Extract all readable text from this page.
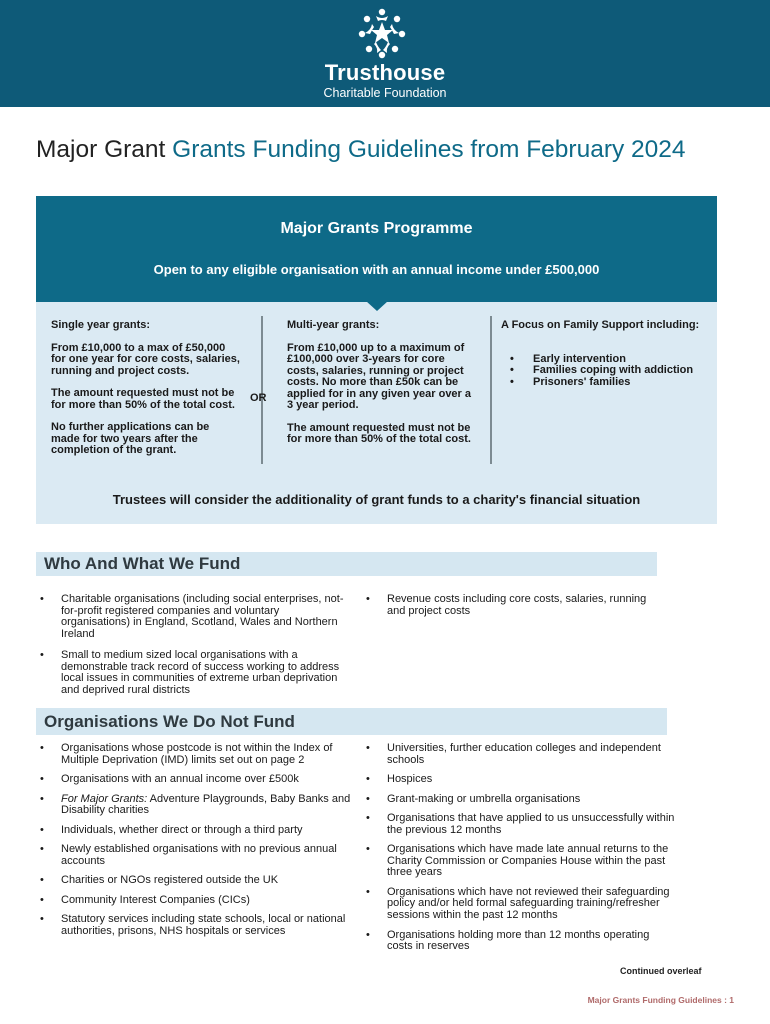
Trusthouse
Charitable Foundation
Major Grant Grants Funding Guidelines from February 2024
Major Grants Programme
Open to any eligible organisation with an annual income under £500,000

Single year grants:

From £10,000 to a max of £50,000 for one year for core costs, salaries, running and project costs.

The amount requested must not be for more than 50% of the total cost.

No further applications can be made for two years after the completion of the grant.

OR

Multi-year grants:

From £10,000 up to a maximum of £100,000 over 3-years for core costs, salaries, running or project costs. No more than £50k can be applied for in any given year over a 3 year period.

The amount requested must not be for more than 50% of the total cost.

A Focus on Family Support including:

• Early intervention
• Families coping with addiction
• Prisoners' families
Trustees will consider the additionality of grant funds to a charity's financial situation
Who And What We Fund
• Charitable organisations (including social enterprises, not-for-profit registered companies and voluntary organisations) in England, Scotland, Wales and Northern Ireland
• Small to medium sized local organisations with a demonstrable track record of success working to address local issues in communities of extreme urban deprivation and deprived rural districts
• Revenue costs including core costs, salaries, running and project costs
Organisations We Do Not Fund
• Organisations whose postcode is not within the Index of Multiple Deprivation (IMD) limits set out on page 2
• Organisations with an annual income over £500k
• For Major Grants: Adventure Playgrounds, Baby Banks and Disability charities
• Individuals, whether direct or through a third party
• Newly established organisations with no previous annual accounts
• Charities or NGOs registered outside the UK
• Community Interest Companies (CICs)
• Statutory services including state schools, local or national authorities, prisons, NHS hospitals or services
• Universities, further education colleges and independent schools
• Hospices
• Grant-making or umbrella organisations
• Organisations that have applied to us unsuccessfully within the previous 12 months
• Organisations which have made late annual returns to the Charity Commission or Companies House within the past three years
• Organisations which have not reviewed their safeguarding policy and/or held formal safeguarding training/refresher sessions within the past 12 months
• Organisations holding more than 12 months operating costs in reserves
Continued overleaf
Major Grants Funding Guidelines : 1
